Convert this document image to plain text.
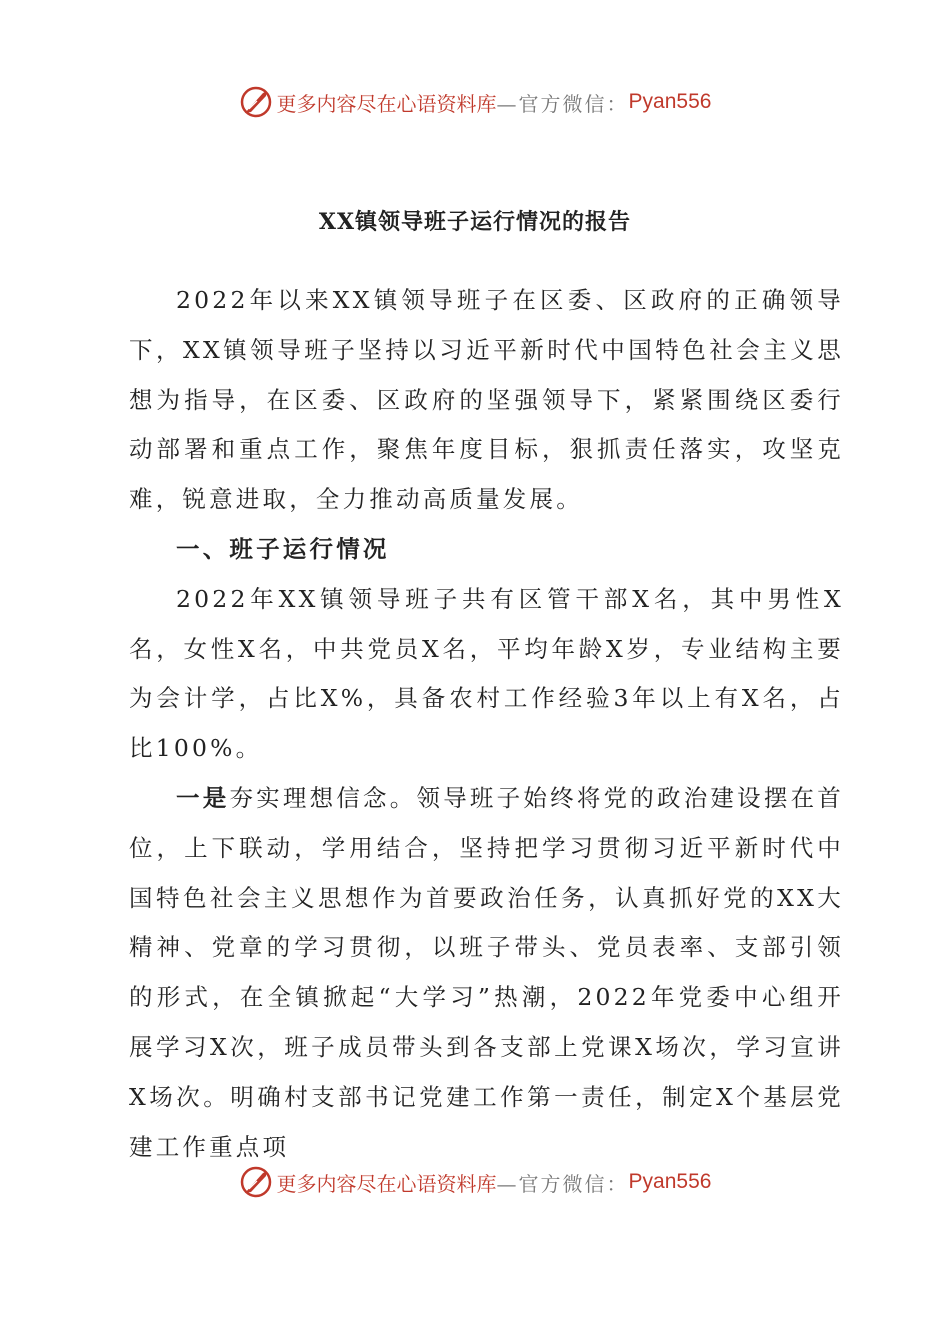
更多内容尽在心语资料库 —官方微信： Pyan556
XX镇领导班子运行情况的报告

2022年以来XX镇领导班子在区委、区政府的正确领导下，XX镇领导班子坚持以习近平新时代中国特色社会主义思想为指导，在区委、区政府的坚强领导下，紧紧围绕区委行动部署和重点工作，聚焦年度目标，狠抓责任落实，攻坚克难，锐意进取，全力推动高质量发展。

一、班子运行情况

2022年XX镇领导班子共有区管干部X名，其中男性X名，女性X名，中共党员X名，平均年龄X岁，专业结构主要为会计学，占比X%，具备农村工作经验3年以上有X名，占比100%。

一是夯实理想信念。领导班子始终将党的政治建设摆在首位，上下联动，学用结合，坚持把学习贯彻习近平新时代中国特色社会主义思想作为首要政治任务，认真抓好党的XX大精神、党章的学习贯彻，以班子带头、党员表率、支部引领的形式，在全镇掀起“大学习”热潮，2022年党委中心组开展学习X次，班子成员带头到各支部上党课X场次，学习宣讲X场次。明确村支部书记党建工作第一责任，制定X个基层党建工作重点项

更多内容尽在心语资料库 —官方微信： Pyan556
